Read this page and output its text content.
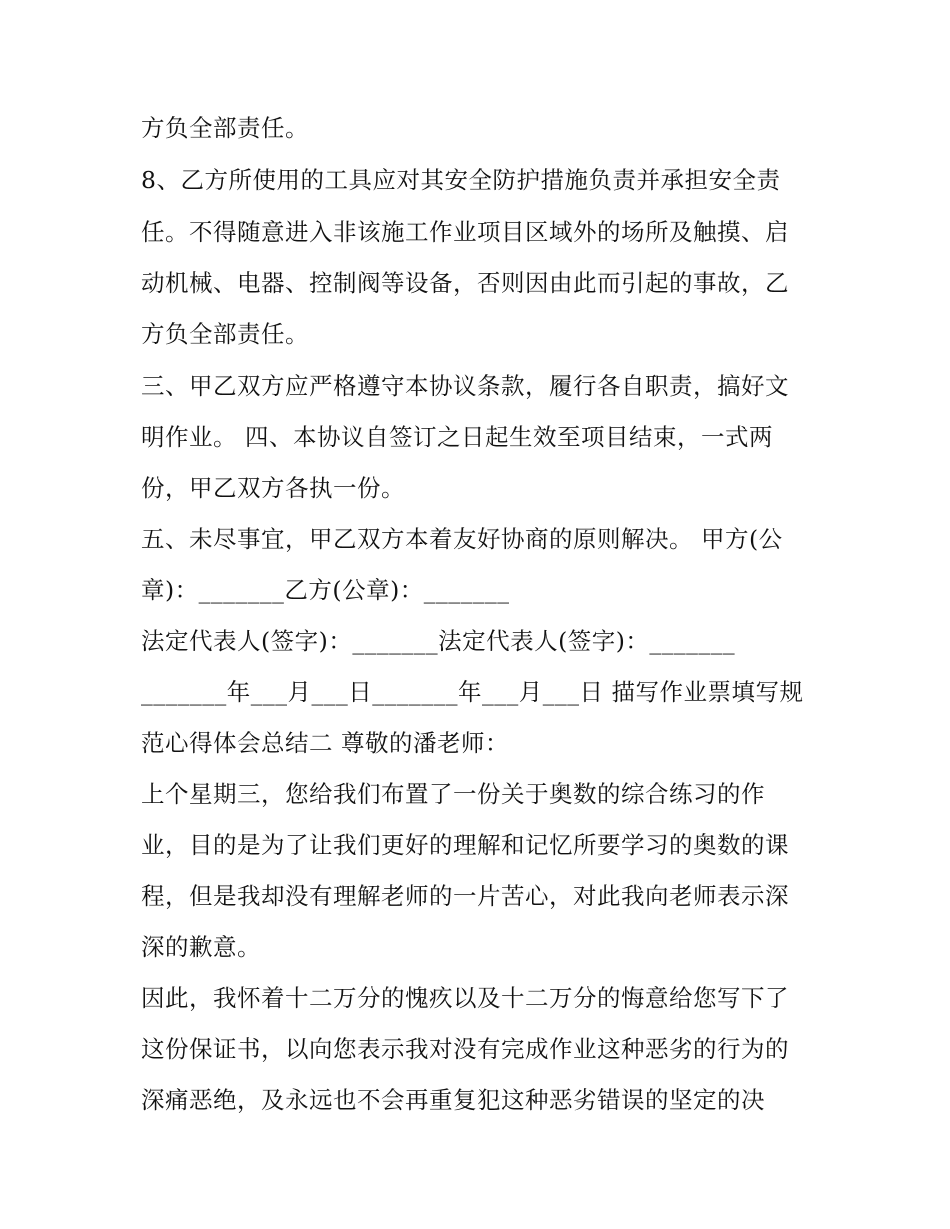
方负全部责任。
8、乙方所使用的工具应对其安全防护措施负责并承担安全责
任。不得随意进入非该施工作业项目区域外的场所及触摸、启
动机械、电器、控制阀等设备，否则因由此而引起的事故，乙
方负全部责任。
三、甲乙双方应严格遵守本协议条款，履行各自职责，搞好文
明作业。 四、本协议自签订之日起生效至项目结束，一式两
份，甲乙双方各执一份。
五、未尽事宜，甲乙双方本着友好协商的原则解决。 甲方(公
章)：_______乙方(公章)：_______
法定代表人(签字)：_______法定代表人(签字)：_______
_______年___月___日_______年___月___日 描写作业票填写规
范心得体会总结二 尊敬的潘老师：
上个星期三，您给我们布置了一份关于奥数的综合练习的作
业，目的是为了让我们更好的理解和记忆所要学习的奥数的课
程，但是我却没有理解老师的一片苦心，对此我向老师表示深
深的歉意。
因此，我怀着十二万分的愧疚以及十二万分的悔意给您写下了
这份保证书，以向您表示我对没有完成作业这种恶劣的行为的
深痛恶绝，及永远也不会再重复犯这种恶劣错误的坚定的决
